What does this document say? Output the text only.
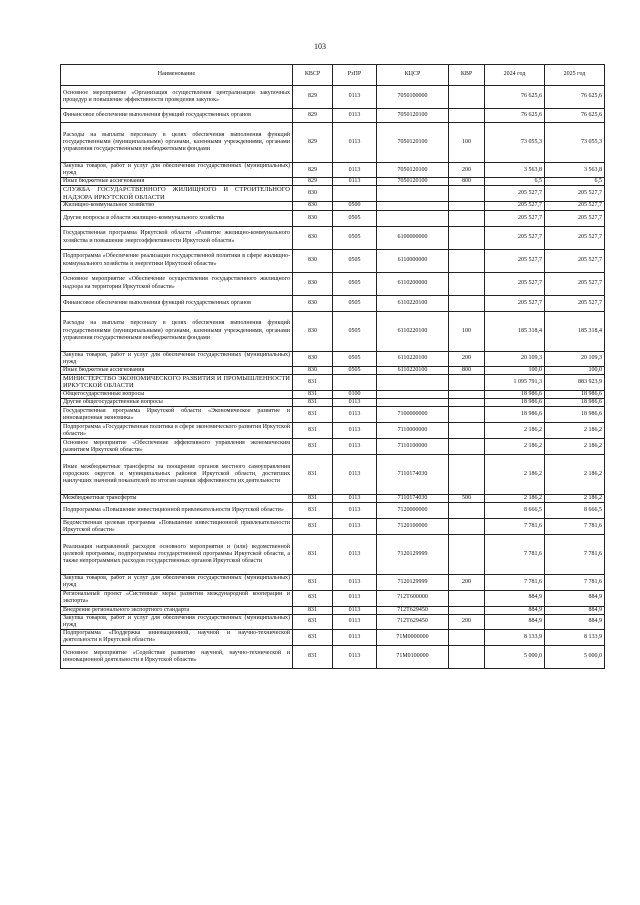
103
Наименование	КВСР	РзПР	КЦСР	КВР	2024 год	2025 год
Основное мероприятие «Организация осуществления централизации закупочных процедур и повышение эффективности проведения закупок»	829	0113	7050100000		76 625,6	76 625,6
Финансовое обеспечение выполнения функций государственных органов	829	0113	7050120100		76 625,6	76 625,6
Расходы на выплаты персоналу в целях обеспечения выполнения функций государственными (муниципальными) органами, казенными учреждениями, органами управления государственными внебюджетными фондами	829	0113	7050120100	100	73 055,3	73 055,3
Закупка товаров, работ и услуг для обеспечения государственных (муниципальных) нужд	829	0113	7050120100	200	3 563,8	3 563,8
Иные бюджетные ассигнования	829	0113	7050120100	800	6,5	6,5
СЛУЖБА ГОСУДАРСТВЕННОГО ЖИЛИЩНОГО И СТРОИТЕЛЬНОГО НАДЗОРА ИРКУТСКОЙ ОБЛАСТИ	830				205 527,7	205 527,7
Жилищно-коммунальное хозяйство	830	0500			205 527,7	205 527,7
Другие вопросы в области жилищно-коммунального хозяйства	830	0505			205 527,7	205 527,7
Государственная программа Иркутской области «Развитие жилищно-коммунального хозяйства и повышение энергоэффективности Иркутской области»	830	0505	6100000000		205 527,7	205 527,7
Подпрограмма «Обеспечение реализации государственной политики в сфере жилищно-коммунального хозяйства и энергетики Иркутской области»	830	0505	6110000000		205 527,7	205 527,7
Основное мероприятие «Обеспечение осуществления государственного жилищного надзора на территории Иркутской области»	830	0505	6110200000		205 527,7	205 527,7
Финансовое обеспечение выполнения функций государственных органов	830	0505	6110220100		205 527,7	205 527,7
Расходы на выплаты персоналу в целях обеспечения выполнения функций государственными (муниципальными) органами, казенными учреждениями, органами управления государственными внебюджетными фондами	830	0505	6110220100	100	185 318,4	185 318,4
Закупка товаров, работ и услуг для обеспечения государственных (муниципальных) нужд	830	0505	6110220100	200	20 109,3	20 109,3
Иные бюджетные ассигнования	830	0505	6110220100	800	100,0	100,0
МИНИСТЕРСТВО ЭКОНОМИЧЕСКОГО РАЗВИТИЯ И ПРОМЫШЛЕННОСТИ ИРКУТСКОЙ ОБЛАСТИ	831				1 095 791,3	883 923,9
Общегосударственные вопросы	831	0100			18 986,6	18 986,6
Другие общегосударственные вопросы	831	0113			18 986,6	18 986,6
Государственная программа Иркутской области «Экономическое развитие и инновационная экономика»	831	0113	7100000000		18 986,6	18 986,6
Подпрограмма «Государственная политика в сфере экономического развития Иркутской области»	831	0113	7110000000		2 186,2	2 186,2
Основное мероприятие «Обеспечение эффективного управления экономическим развитием Иркутской области»	831	0113	7110100000		2 186,2	2 186,2
Иные межбюджетные трансферты на поощрение органов местного самоуправления городских округов и муниципальных районов Иркутской области, достигших наилучших значений показателей по итогам оценки эффективности их деятельности	831	0113	7110174030		2 186,2	2 186,2
Межбюджетные трансферты	831	0113	7110174030	500	2 186,2	2 186,2
Подпрограмма «Повышение инвестиционной привлекательности Иркутской области»	831	0113	7120000000		8 666,5	8 666,5
Ведомственная целевая программа «Повышение инвестиционной привлекательности Иркутской области»	831	0113	7120100000		7 781,6	7 781,6
Реализация направлений расходов основного мероприятия и (или) ведомственной целевой программы, подпрограммы государственной программы Иркутской области, а также непрограммных расходов государственных органов Иркутской области	831	0113	7120129999		7 781,6	7 781,6
Закупка товаров, работ и услуг для обеспечения государственных (муниципальных) нужд	831	0113	7120129999	200	7 781,6	7 781,6
Региональный проект «Системные меры развития международной кооперации и экспорта»	831	0113	712T600000		884,9	884,9
Внедрение регионального экспортного стандарта	831	0113	712T629450		884,9	884,9
Закупка товаров, работ и услуг для обеспечения государственных (муниципальных) нужд	831	0113	712T629450	200	884,9	884,9
Подпрограмма «Поддержка инновационной, научной и научно-технической деятельности в Иркутской области»	831	0113	71M0000000		8 133,9	8 133,9
Основное мероприятие «Содействие развитию научной, научно-технической и инновационной деятельности в Иркутской области»	831	0113	71M0100000		5 000,0	5 000,0
